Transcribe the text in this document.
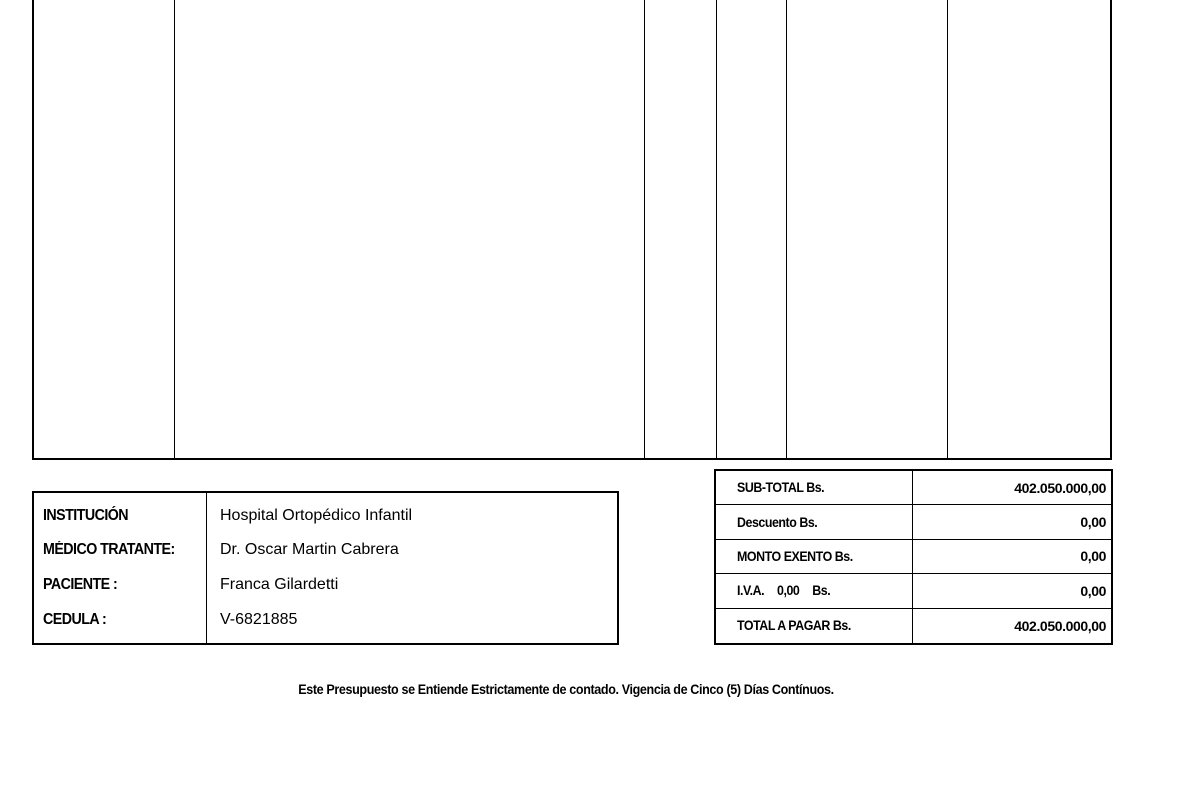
INSTITUCIÓN	Hospital Ortopédico Infantil
MÉDICO TRATANTE:	Dr. Oscar Martin Cabrera
PACIENTE :	Franca Gilardetti
CEDULA :	V-6821885
SUB-TOTAL Bs.	402.050.000,00
Descuento Bs.	0,00
MONTO EXENTO Bs.	0,00
I.V.A. 0,00 Bs.	0,00
TOTAL A PAGAR Bs.	402.050.000,00
Este Presupuesto se Entiende Estrictamente de contado. Vigencia de Cinco (5) Días Contínuos.
